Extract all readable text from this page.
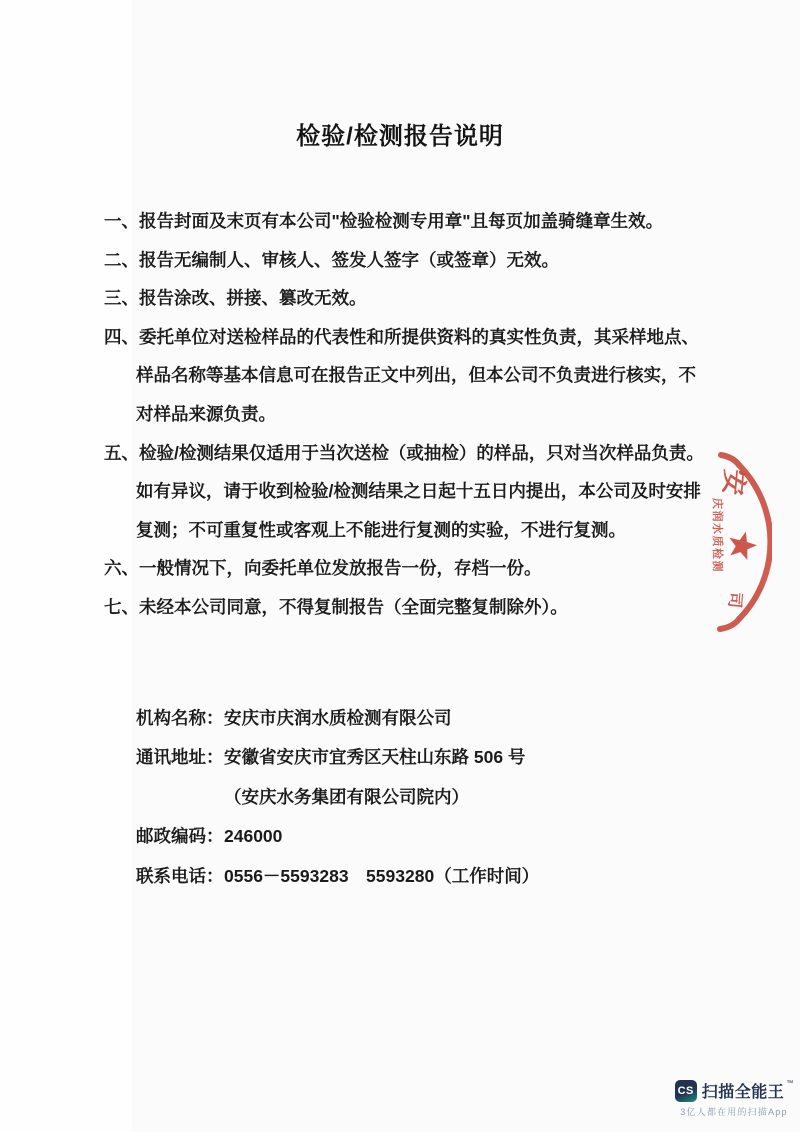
检验/检测报告说明
一、报告封面及末页有本公司"检验检测专用章"且每页加盖骑缝章生效。
二、报告无编制人、审核人、签发人签字（或签章）无效。
三、报告涂改、拼接、篡改无效。
四、委托单位对送检样品的代表性和所提供资料的真实性负责，其采样地点、
样品名称等基本信息可在报告正文中列出，但本公司不负责进行核实，不
对样品来源负责。
五、检验/检测结果仅适用于当次送检（或抽检）的样品，只对当次样品负责。
如有异议，请于收到检验/检测结果之日起十五日内提出，本公司及时安排
复测；不可重复性或客观上不能进行复测的实验，不进行复测。
六、一般情况下，向委托单位发放报告一份，存档一份。
七、未经本公司同意，不得复制报告（全面完整复制除外）。
机构名称：安庆市庆润水质检测有限公司
通讯地址：安徽省安庆市宜秀区天柱山东路 506 号
（安庆水务集团有限公司院内）
邮政编码：246000
联系电话：0556－5593283　5593280（工作时间）
安
庆润水质检测
司
CS 扫描全能王
™
3亿人都在用的扫描App
